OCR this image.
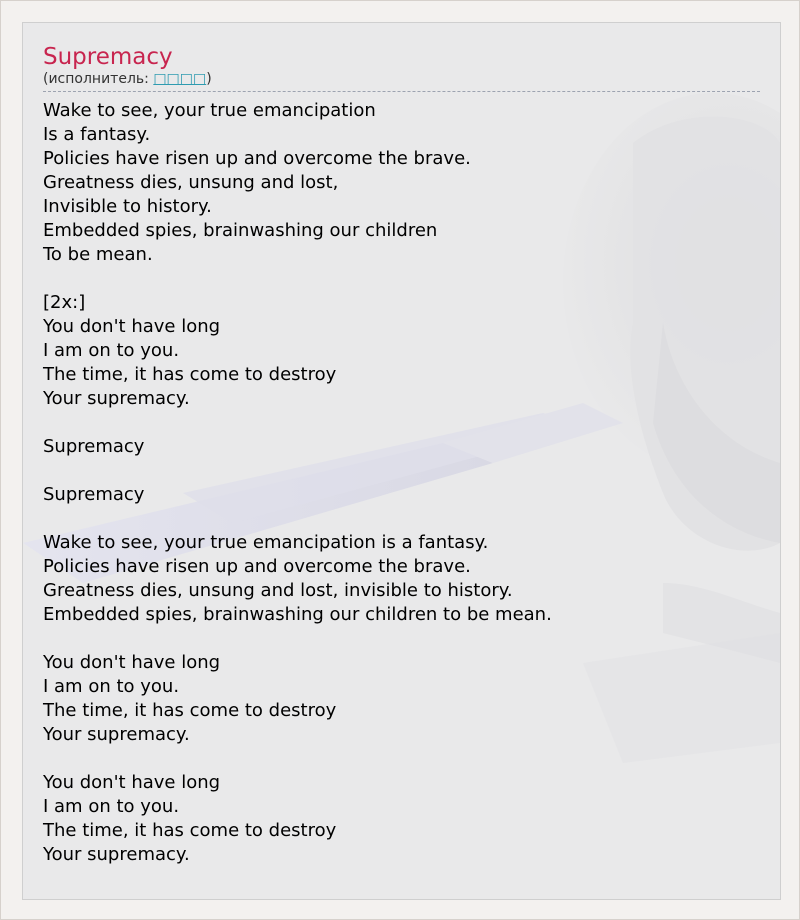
Supremacy
(исполнитель: □□□□)
Wake to see, your true emancipation
Is a fantasy.
Policies have risen up and overcome the brave.
Greatness dies, unsung and lost,
Invisible to history.
Embedded spies, brainwashing our children
To be mean.
[2x:]
You don't have long
I am on to you.
The time, it has come to destroy
Your supremacy.
Supremacy
Supremacy
Wake to see, your true emancipation is a fantasy.
Policies have risen up and overcome the brave.
Greatness dies, unsung and lost, invisible to history.
Embedded spies, brainwashing our children to be mean.
You don't have long
I am on to you.
The time, it has come to destroy
Your supremacy.
You don't have long
I am on to you.
The time, it has come to destroy
Your supremacy.
